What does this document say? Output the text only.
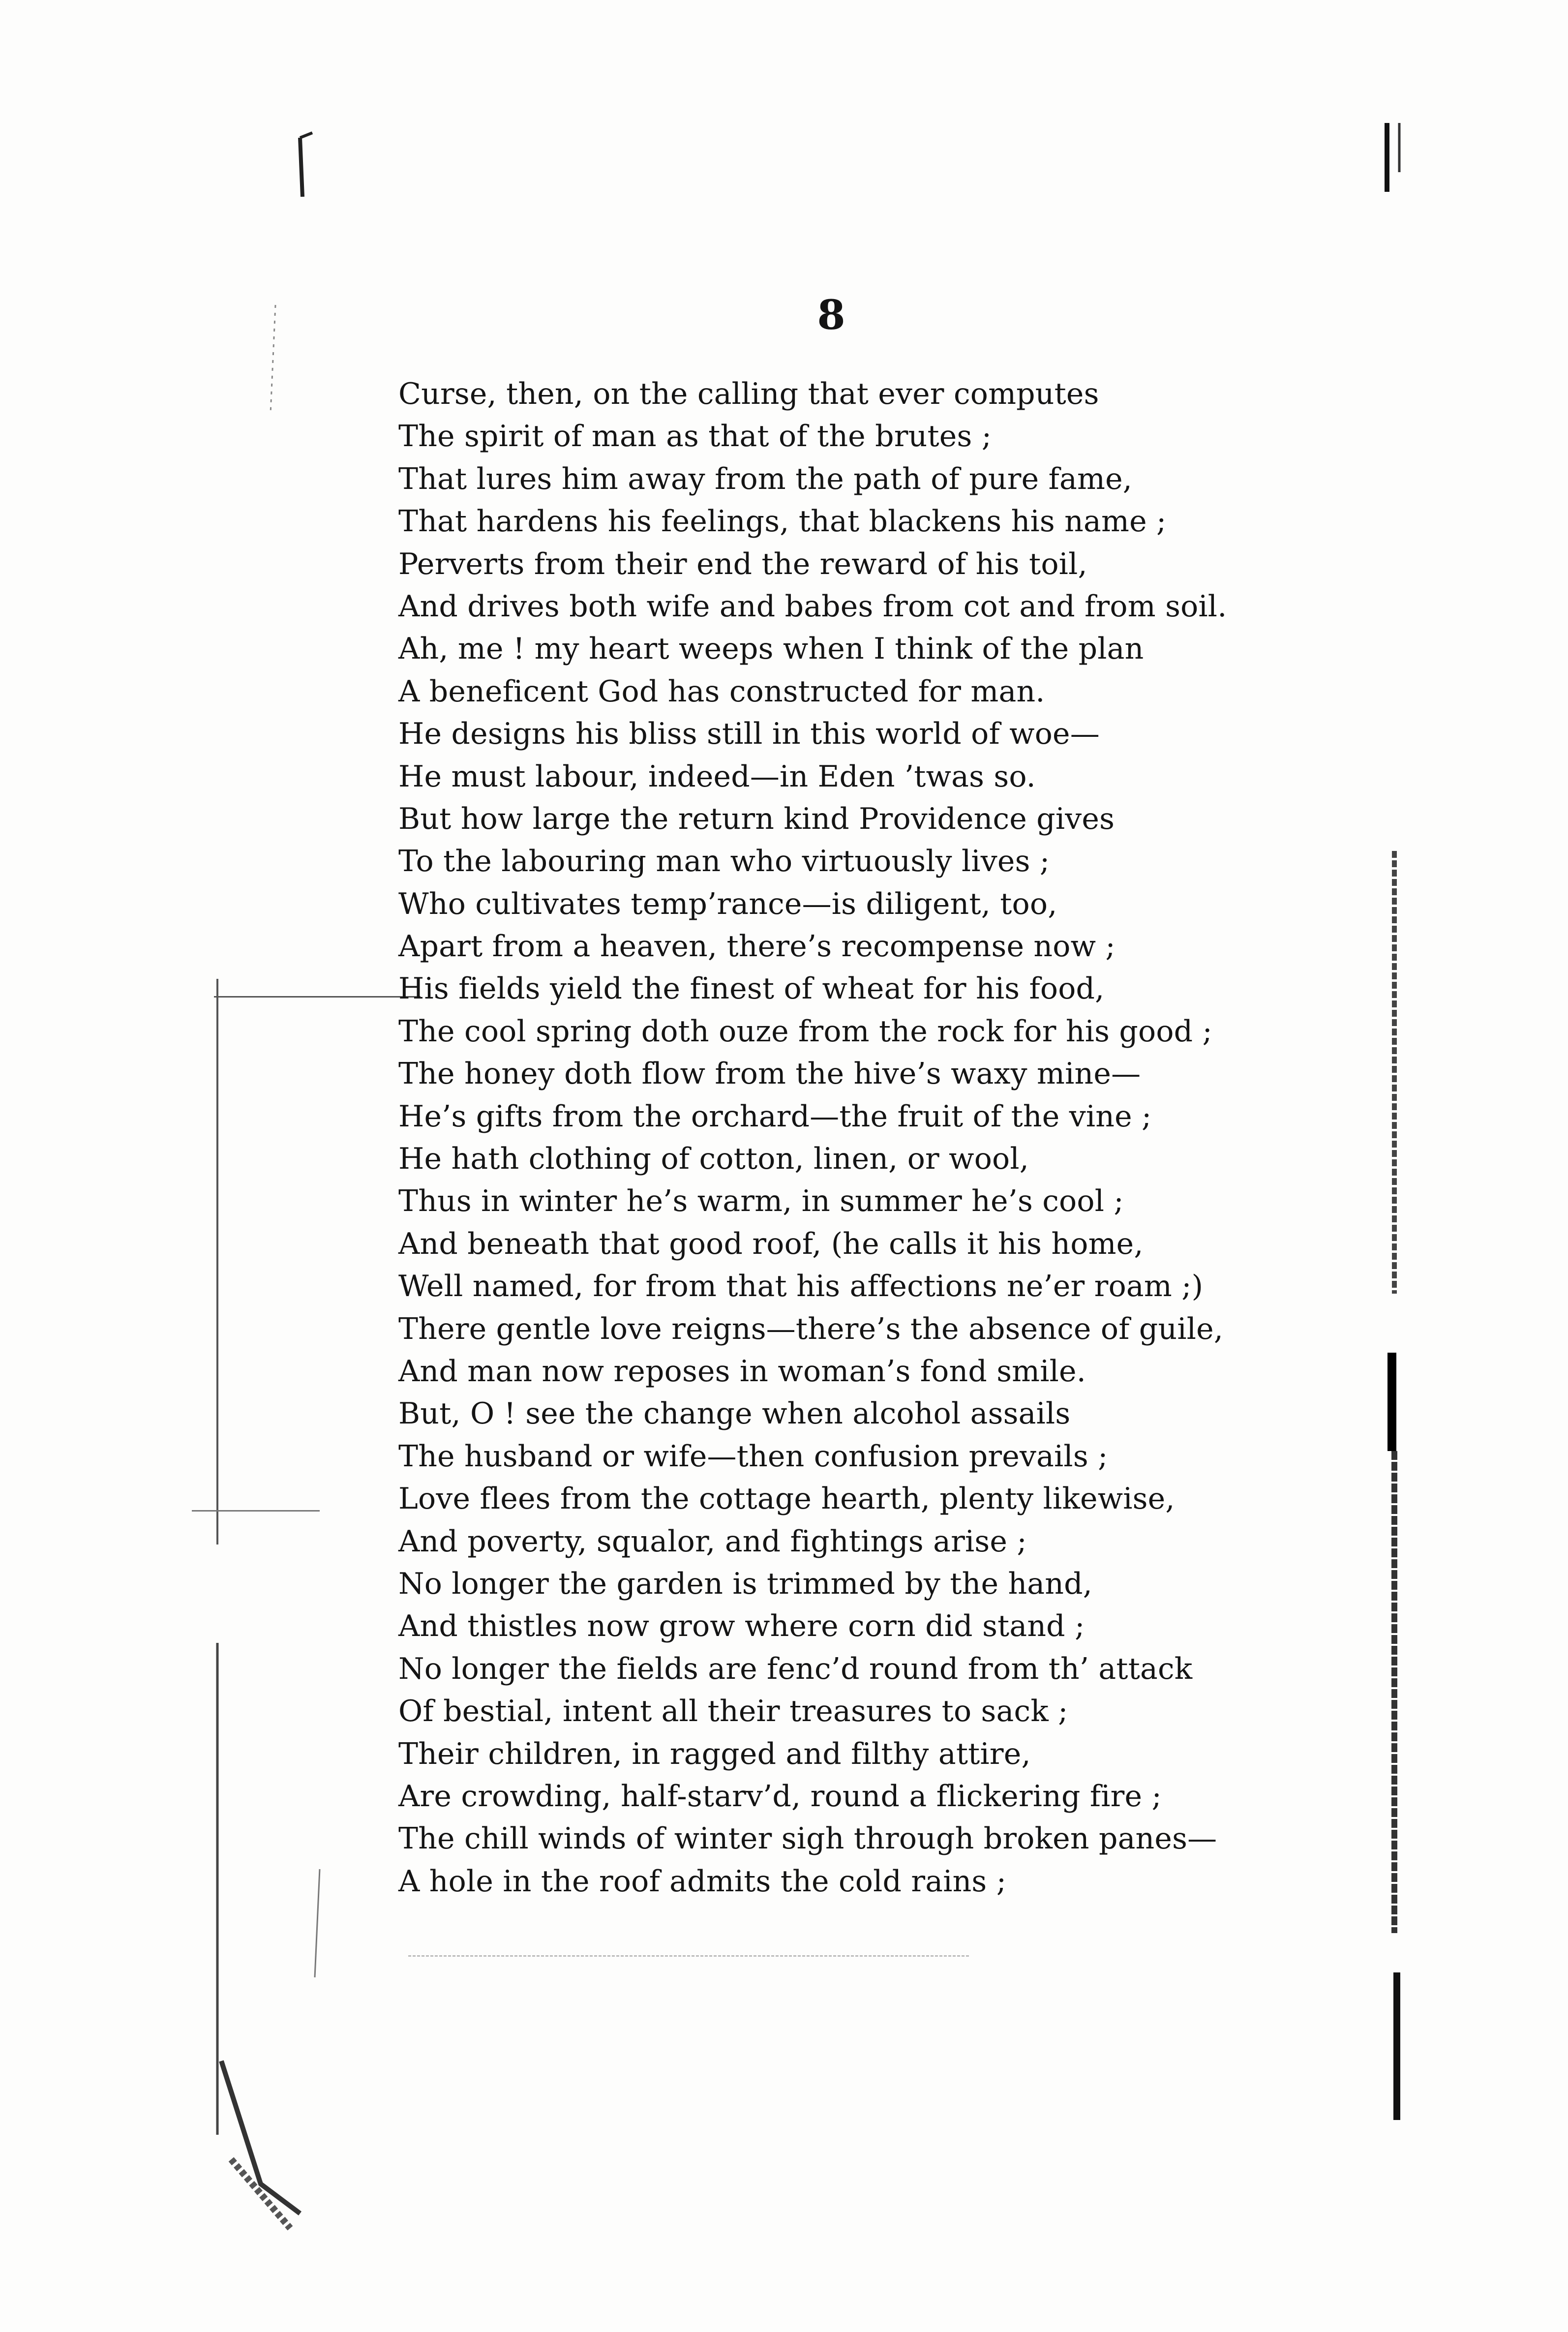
8
Curse, then, on the calling that ever computes
The spirit of man as that of the brutes ;
That lures him away from the path of pure fame,
That hardens his feelings, that blackens his name ;
Perverts from their end the reward of his toil,
And drives both wife and babes from cot and from soil.
Ah, me ! my heart weeps when I think of the plan
A beneficent God has constructed for man.
He designs his bliss still in this world of woe—
He must labour, indeed—in Eden ’twas so.
But how large the return kind Providence gives
To the labouring man who virtuously lives ;
Who cultivates temp’rance—is diligent, too,
Apart from a heaven, there’s recompense now ;
His fields yield the finest of wheat for his food,
The cool spring doth ouze from the rock for his good ;
The honey doth flow from the hive’s waxy mine—
He’s gifts from the orchard—the fruit of the vine ;
He hath clothing of cotton, linen, or wool,
Thus in winter he’s warm, in summer he’s cool ;
And beneath that good roof, (he calls it his home,
Well named, for from that his affections ne’er roam ;)
There gentle love reigns—there’s the absence of guile,
And man now reposes in woman’s fond smile.
But, O ! see the change when alcohol assails
The husband or wife—then confusion prevails ;
Love flees from the cottage hearth, plenty likewise,
And poverty, squalor, and fightings arise ;
No longer the garden is trimmed by the hand,
And thistles now grow where corn did stand ;
No longer the fields are fenc’d round from th’ attack
Of bestial, intent all their treasures to sack ;
Their children, in ragged and filthy attire,
Are crowding, half-starv’d, round a flickering fire ;
The chill winds of winter sigh through broken panes—
A hole in the roof admits the cold rains ;
